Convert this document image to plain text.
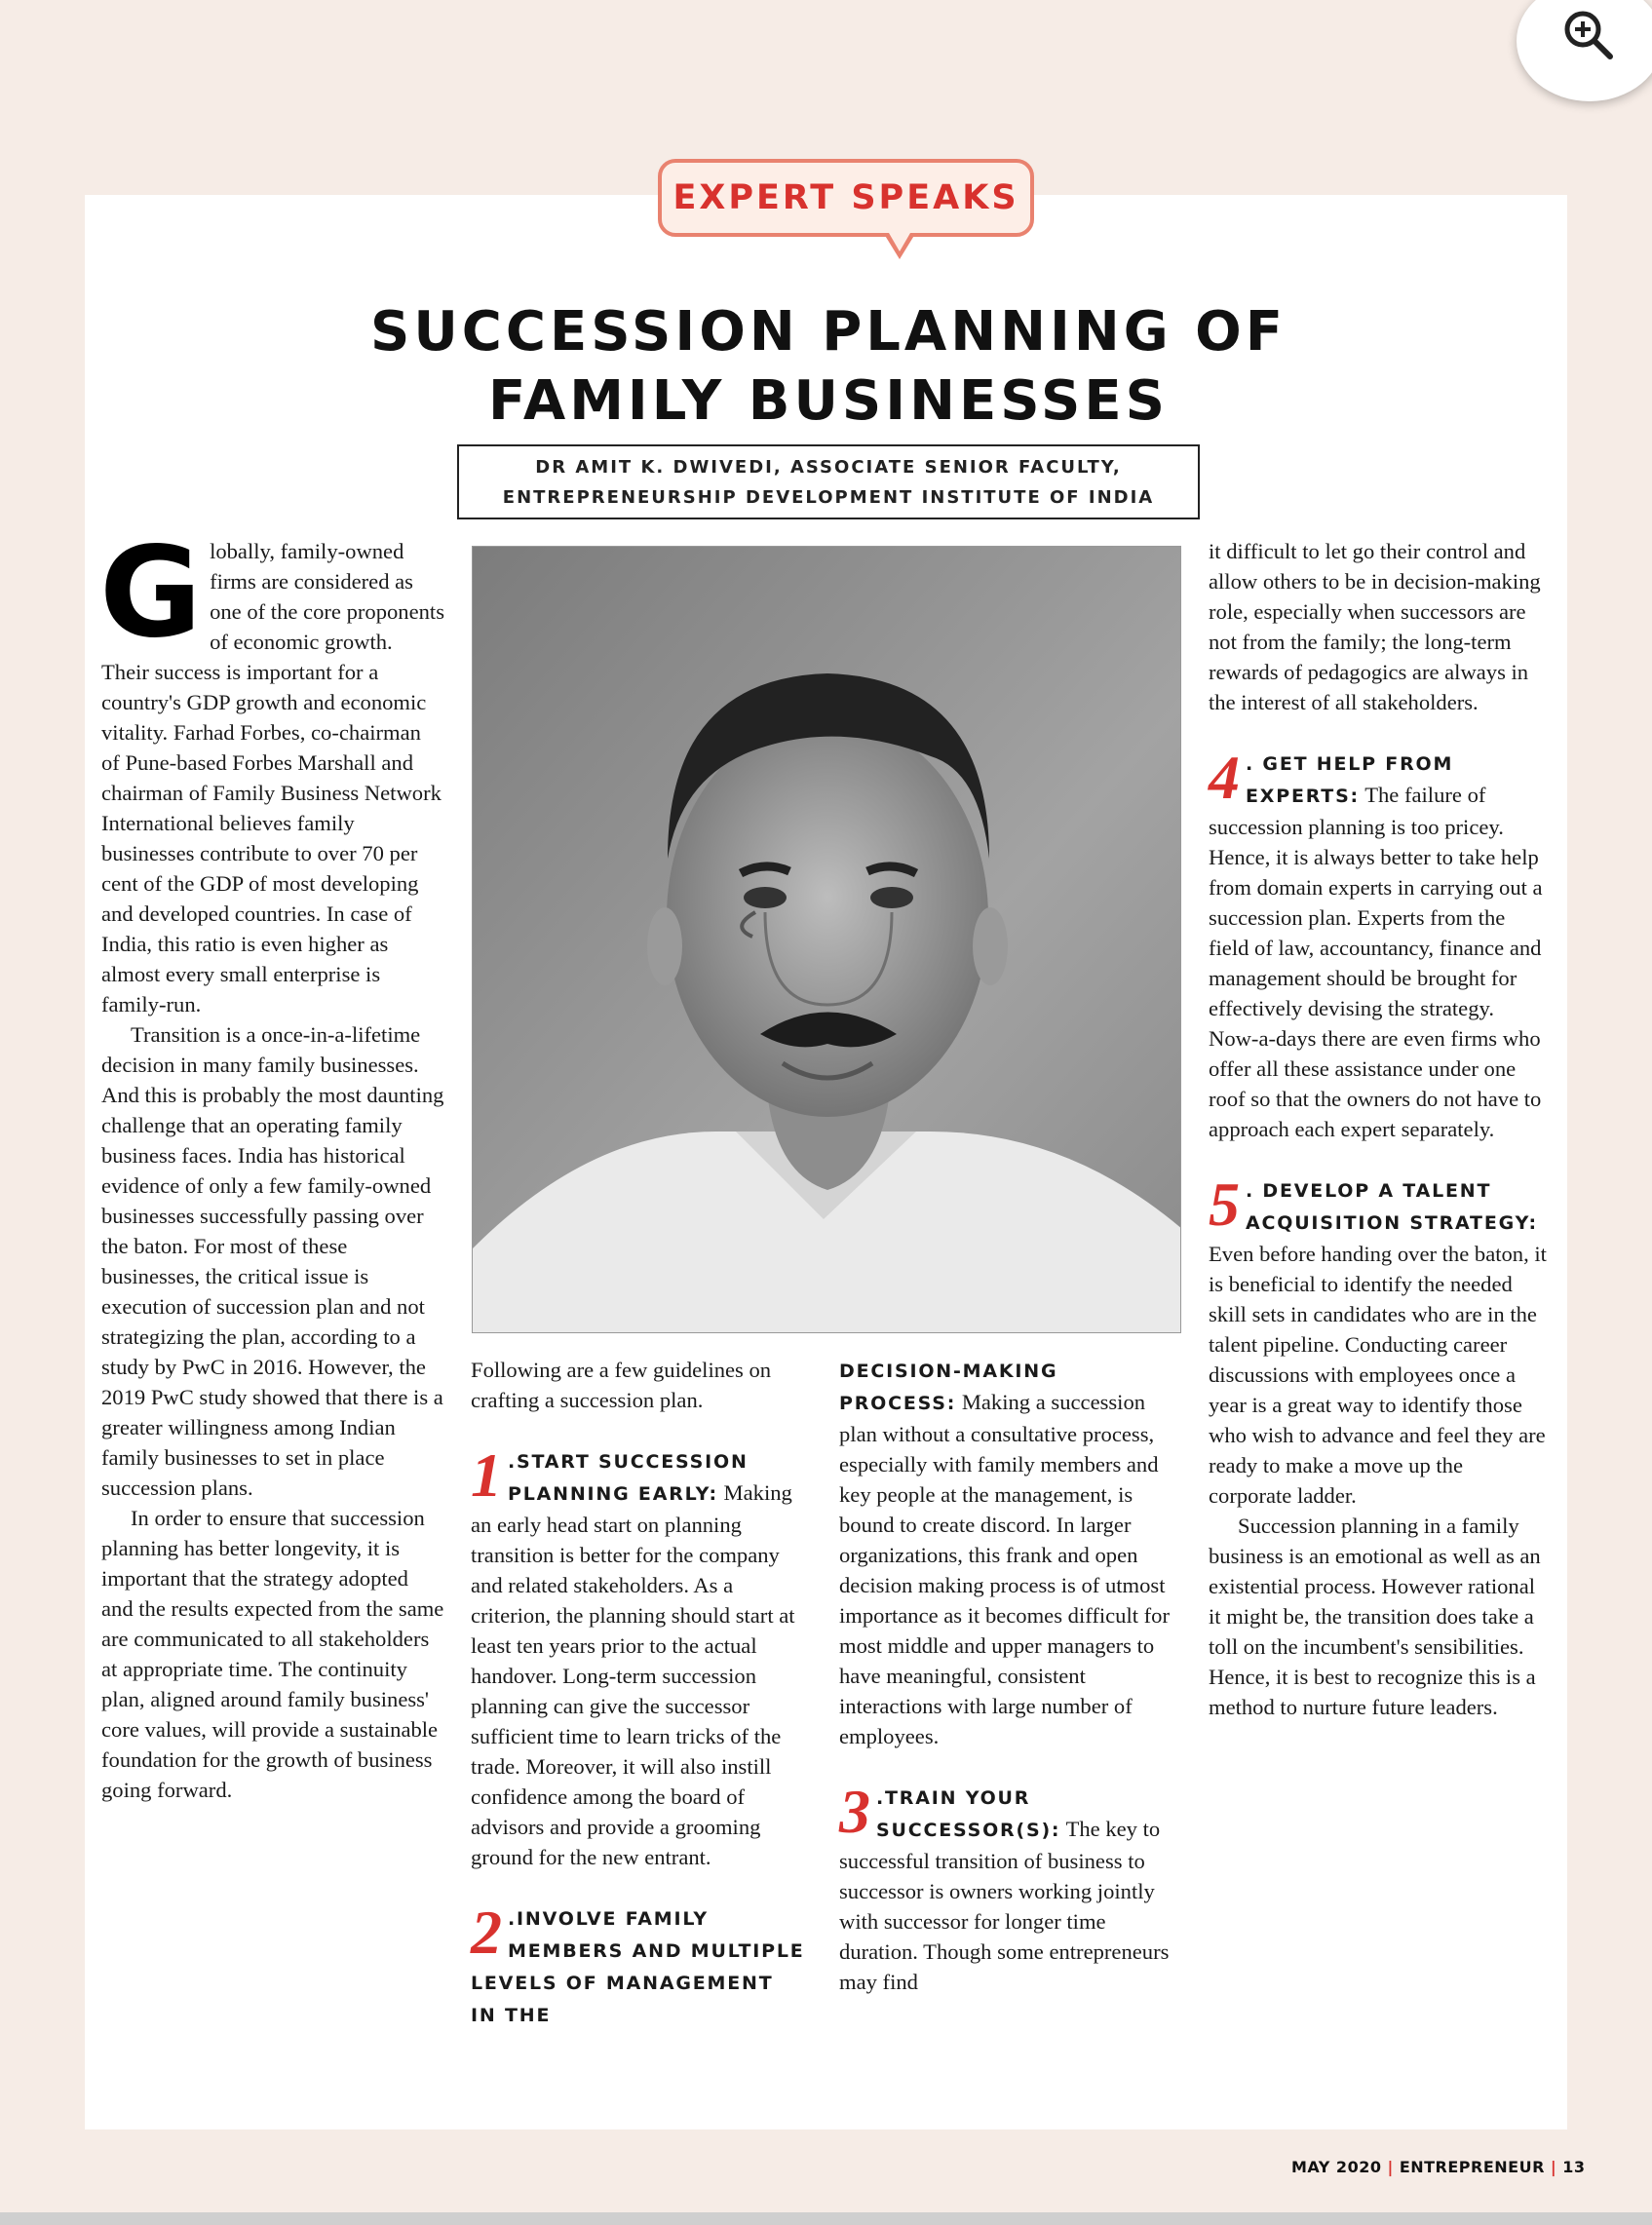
EXPERT SPEAKS
SUCCESSION PLANNING OF
FAMILY BUSINESSES
DR AMIT K. DWIVEDI, ASSOCIATE SENIOR FACULTY,
ENTREPRENEURSHIP DEVELOPMENT INSTITUTE OF INDIA

Globally, family-owned firms are considered as one of the core proponents of economic growth. Their success is important for a country's GDP growth and economic vitality. Farhad Forbes, co-chairman of Pune-based Forbes Marshall and chairman of Family Business Network International believes family businesses contribute to over 70 per cent of the GDP of most developing and developed countries. In case of India, this ratio is even higher as almost every small enterprise is family-run.

Transition is a once-in-a-lifetime decision in many family businesses. And this is probably the most daunting challenge that an operating family business faces. India has historical evidence of only a few family-owned businesses successfully passing over the baton. For most of these businesses, the critical issue is execution of succession plan and not strategizing the plan, according to a study by PwC in 2016. However, the 2019 PwC study showed that there is a greater willingness among Indian family businesses to set in place succession plans.

In order to ensure that succession planning has better longevity, it is important that the strategy adopted and the results expected from the same are communicated to all stakeholders at appropriate time. The continuity plan, aligned around family business' core values, will provide a sustainable foundation for the growth of business going forward.

Following are a few guidelines on crafting a succession plan.

1 .START SUCCESSION PLANNING EARLY: Making an early head start on planning transition is better for the company and related stakeholders. As a criterion, the planning should start at least ten years prior to the actual handover. Long-term succession planning can give the successor sufficient time to learn tricks of the trade. Moreover, it will also instill confidence among the board of advisors and provide a grooming ground for the new entrant.
2 .INVOLVE FAMILY MEMBERS AND MULTIPLE LEVELS OF MANAGEMENT IN THE

DECISION-MAKING PROCESS: Making a succession plan without a consultative process, especially with family members and key people at the management, is bound to create discord. In larger organizations, this frank and open decision making process is of utmost importance as it becomes difficult for most middle and upper managers to have meaningful, consistent interactions with large number of employees.

3 .TRAIN YOUR SUCCESSOR(S): The key to successful transition of business to successor is owners working jointly with successor for longer time duration. Though some entrepreneurs may find

it difficult to let go their control and allow others to be in decision-making role, especially when successors are not from the family; the long-term rewards of pedagogics are always in the interest of all stakeholders.

4 . GET HELP FROM EXPERTS: The failure of succession planning is too pricey. Hence, it is always better to take help from domain experts in carrying out a succession plan. Experts from the field of law, accountancy, finance and management should be brought for effectively devising the strategy. Now-a-days there are even firms who offer all these assistance under one roof so that the owners do not have to approach each expert separately.
5 . DEVELOP A TALENT ACQUISITION STRATEGY: Even before handing over the baton, it is beneficial to identify the needed skill sets in candidates who are in the talent pipeline. Conducting career discussions with employees once a year is a great way to identify those who wish to advance and feel they are ready to make a move up the corporate ladder.

Succession planning in a family business is an emotional as well as an existential process. However rational it might be, the transition does take a toll on the incumbent's sensibilities. Hence, it is best to recognize this is a method to nurture future leaders.

MAY 2020 | ENTREPRENEUR | 13
